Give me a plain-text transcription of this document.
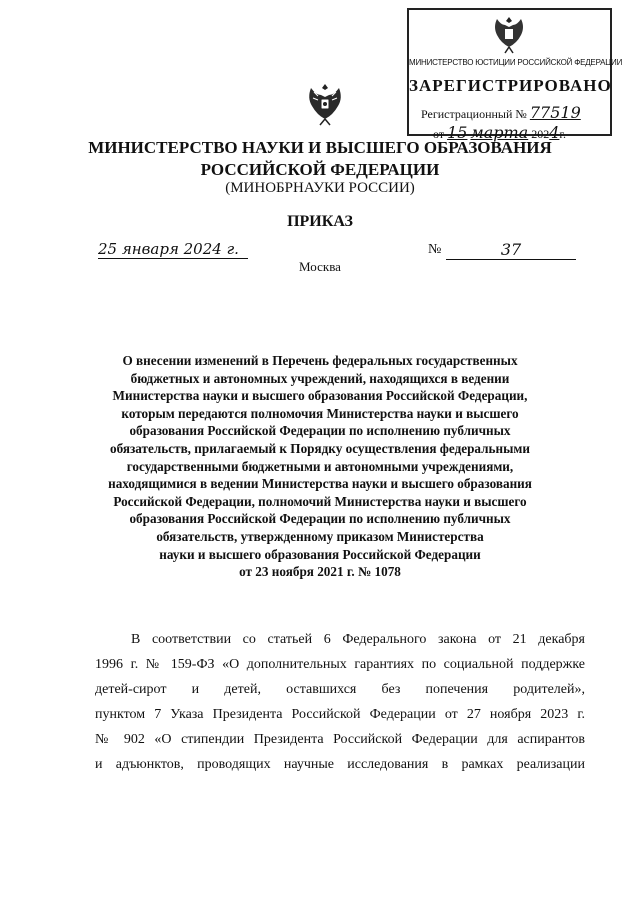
МИНИСТЕРСТВО ЮСТИЦИИ РОССИЙСКОЙ ФЕДЕРАЦИИ
ЗАРЕГИСТРИРОВАНО
Регистрационный № 77519
от 15 марта 2024г.
МИНИСТЕРСТВО НАУКИ И ВЫСШЕГО ОБРАЗОВАНИЯ
РОССИЙСКОЙ ФЕДЕРАЦИИ
(МИНОБРНАУКИ РОССИИ)
ПРИКАЗ
25 января 2024 г.	№	37
Москва
О внесении изменений в Перечень федеральных государственных
бюджетных и автономных учреждений, находящихся в ведении
Министерства науки и высшего образования Российской Федерации,
которым передаются полномочия Министерства науки и высшего
образования Российской Федерации по исполнению публичных
обязательств, прилагаемый к Порядку осуществления федеральными
государственными бюджетными и автономными учреждениями,
находящимися в ведении Министерства науки и высшего образования
Российской Федерации, полномочий Министерства науки и высшего
образования Российской Федерации по исполнению публичных
обязательств, утвержденному приказом Министерства
науки и высшего образования Российской Федерации
от 23 ноября 2021 г. № 1078
В соответствии со статьей 6 Федерального закона от 21 декабря
1996 г. № 159-ФЗ «О дополнительных гарантиях по социальной поддержке
детей-сирот и детей, оставшихся без попечения родителей»,
пунктом 7 Указа Президента Российской Федерации от 27 ноября 2023 г.
№ 902 «О стипендии Президента Российской Федерации для аспирантов
и адъюнктов, проводящих научные исследования в рамках реализации
